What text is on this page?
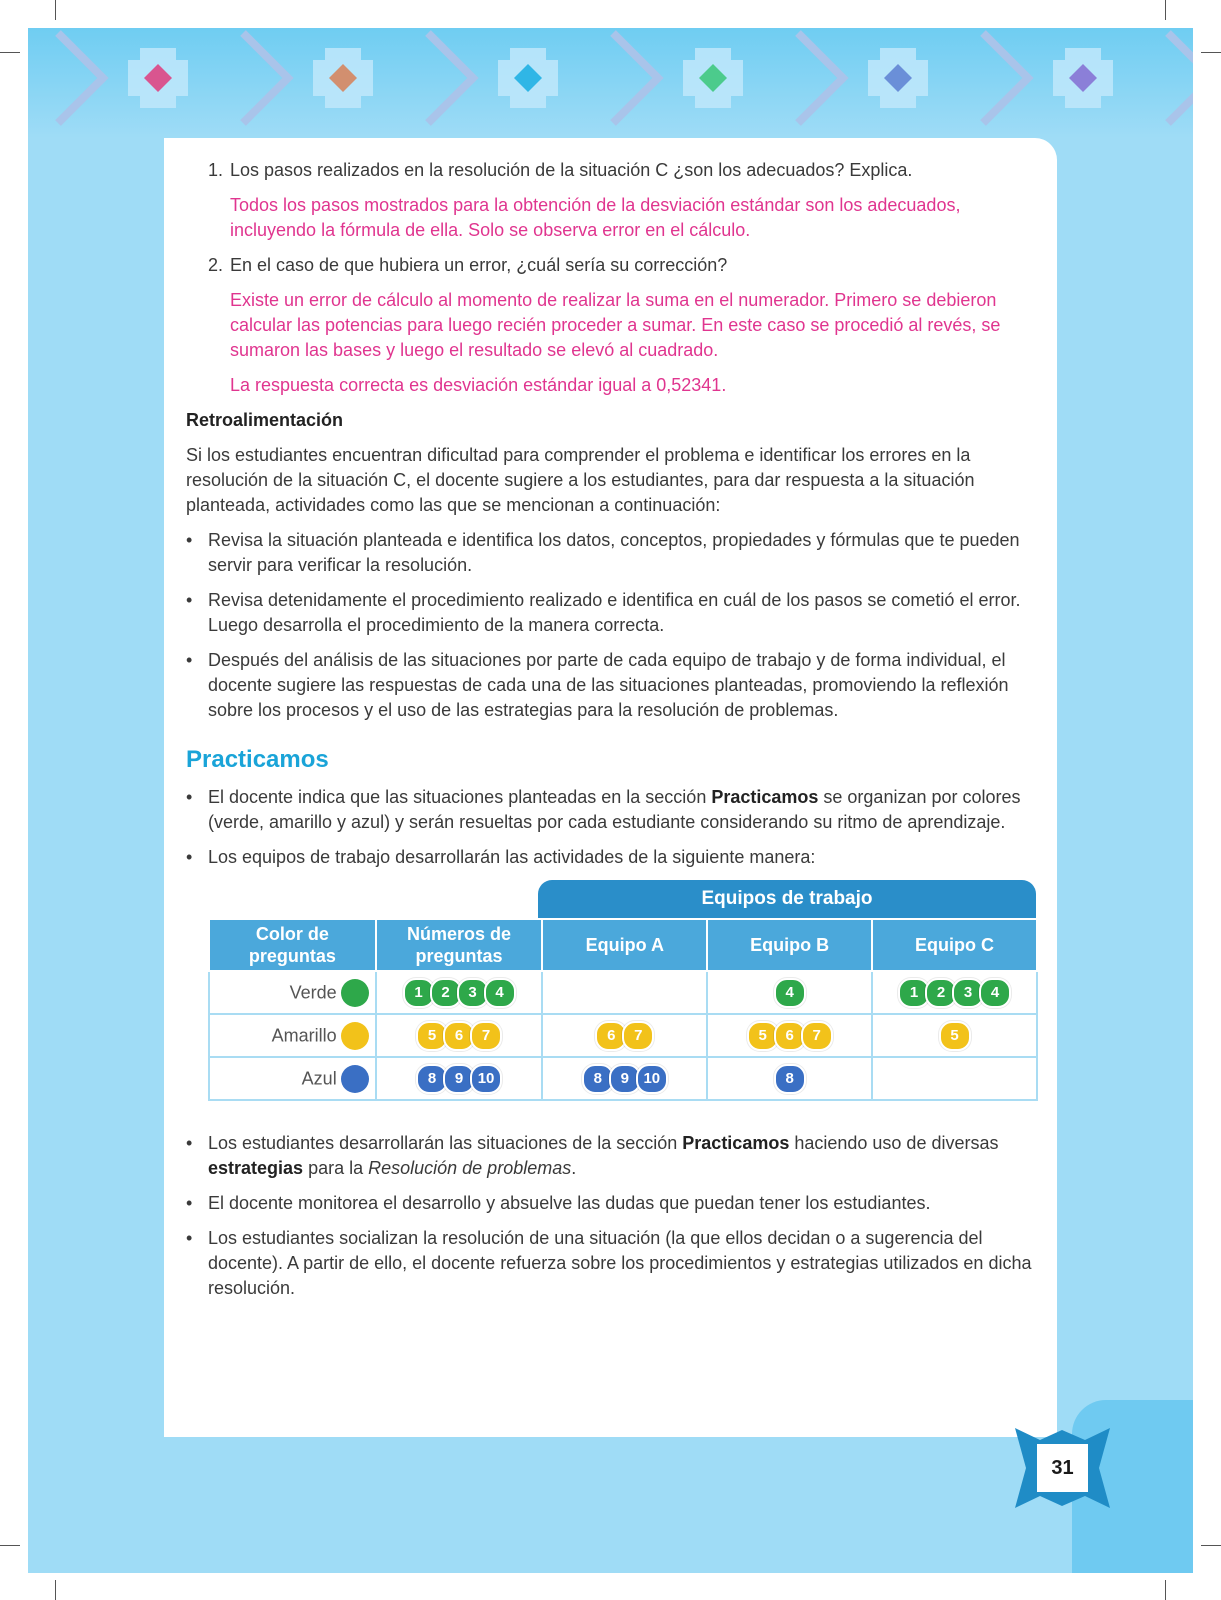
1. Los pasos realizados en la resolución de la situación C ¿son los adecuados? Explica.

Todos los pasos mostrados para la obtención de la desviación estándar son los adecuados, incluyendo la fórmula de ella. Solo se observa error en el cálculo.

2. En el caso de que hubiera un error, ¿cuál sería su corrección?

Existe un error de cálculo al momento de realizar la suma en el numerador. Primero se debieron calcular las potencias para luego recién proceder a sumar. En este caso se procedió al revés, se sumaron las bases y luego el resultado se elevó al cuadrado.

La respuesta correcta es desviación estándar igual a 0,52341.

Retroalimentación

Si los estudiantes encuentran dificultad para comprender el problema e identificar los errores en la resolución de la situación C, el docente sugiere a los estudiantes, para dar respuesta a la situación planteada, actividades como las que se mencionan a continuación:

• Revisa la situación planteada e identifica los datos, conceptos, propiedades y fórmulas que te pueden servir para verificar la resolución.
• Revisa detenidamente el procedimiento realizado e identifica en cuál de los pasos se cometió el error. Luego desarrolla el procedimiento de la manera correcta.
• Después del análisis de las situaciones por parte de cada equipo de trabajo y de forma individual, el docente sugiere las respuestas de cada una de las situaciones planteadas, promoviendo la reflexión sobre los procesos y el uso de las estrategias para la resolución de problemas.

Practicamos

• El docente indica que las situaciones planteadas en la sección Practicamos se organizan por colores (verde, amarillo y azul) y serán resueltas por cada estudiante considerando su ritmo de aprendizaje.
• Los equipos de trabajo desarrollarán las actividades de la siguiente manera:
Equipos de trabajo
Color de preguntas	Números de preguntas	Equipo A	Equipo B	Equipo C
Verde	1 2 3 4		4	1 2 3 4
Amarillo	5 6 7	6 7	5 6 7	5
Azul	8 9 10	8 9 10	8	
• Los estudiantes desarrollarán las situaciones de la sección Practicamos haciendo uso de diversas estrategias para la Resolución de problemas.
• El docente monitorea el desarrollo y absuelve las dudas que puedan tener los estudiantes.
• Los estudiantes socializan la resolución de una situación (la que ellos decidan o a sugerencia del docente). A partir de ello, el docente refuerza sobre los procedimientos y estrategias utilizados en dicha resolución.
31
